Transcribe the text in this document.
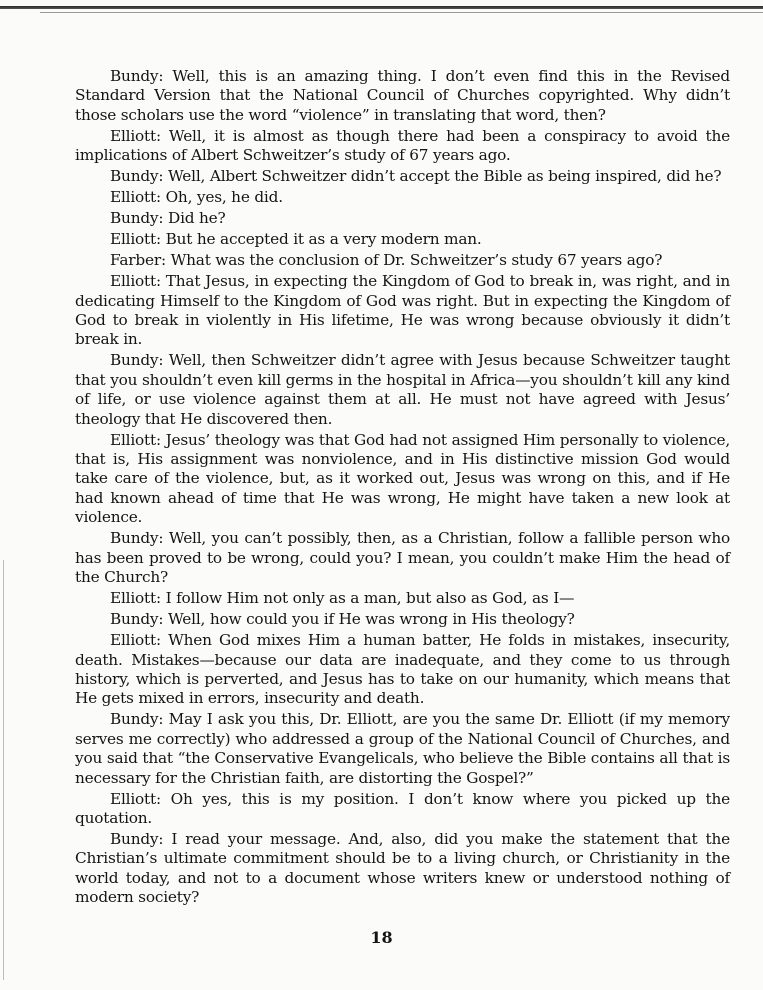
Bundy: Well, this is an amazing thing. I don’t even find this in the Revised Standard Version that the National Council of Churches copyrighted. Why didn’t those scholars use the word “violence” in translating that word, then?

Elliott: Well, it is almost as though there had been a conspiracy to avoid the implications of Albert Schweitzer’s study of 67 years ago.

Bundy: Well, Albert Schweitzer didn’t accept the Bible as being inspired, did he?

Elliott: Oh, yes, he did.

Bundy: Did he?

Elliott: But he accepted it as a very modern man.

Farber: What was the conclusion of Dr. Schweitzer’s study 67 years ago?

Elliott: That Jesus, in expecting the Kingdom of God to break in, was right, and in dedicating Himself to the Kingdom of God was right. But in expecting the Kingdom of God to break in violently in His lifetime, He was wrong because obviously it didn’t break in.

Bundy: Well, then Schweitzer didn’t agree with Jesus because Schweitzer taught that you shouldn’t even kill germs in the hospital in Africa—you shouldn’t kill any kind of life, or use violence against them at all. He must not have agreed with Jesus’ theology that He discovered then.

Elliott: Jesus’ theology was that God had not assigned Him personally to violence, that is, His assignment was nonviolence, and in His distinctive mission God would take care of the violence, but, as it worked out, Jesus was wrong on this, and if He had known ahead of time that He was wrong, He might have taken a new look at violence.

Bundy: Well, you can’t possibly, then, as a Christian, follow a fallible person who has been proved to be wrong, could you? I mean, you couldn’t make Him the head of the Church?

Elliott: I follow Him not only as a man, but also as God, as I—

Bundy: Well, how could you if He was wrong in His theology?

Elliott: When God mixes Him a human batter, He folds in mistakes, insecurity, death. Mistakes—because our data are inadequate, and they come to us through history, which is perverted, and Jesus has to take on our humanity, which means that He gets mixed in errors, insecurity and death.

Bundy: May I ask you this, Dr. Elliott, are you the same Dr. Elliott (if my memory serves me correctly) who addressed a group of the National Council of Churches, and you said that “the Conservative Evangelicals, who believe the Bible contains all that is necessary for the Christian faith, are distorting the Gospel?”

Elliott: Oh yes, this is my position. I don’t know where you picked up the quotation.

Bundy: I read your message. And, also, did you make the statement that the Christian’s ultimate commitment should be to a living church, or Christianity in the world today, and not to a document whose writers knew or understood nothing of modern society?

18
